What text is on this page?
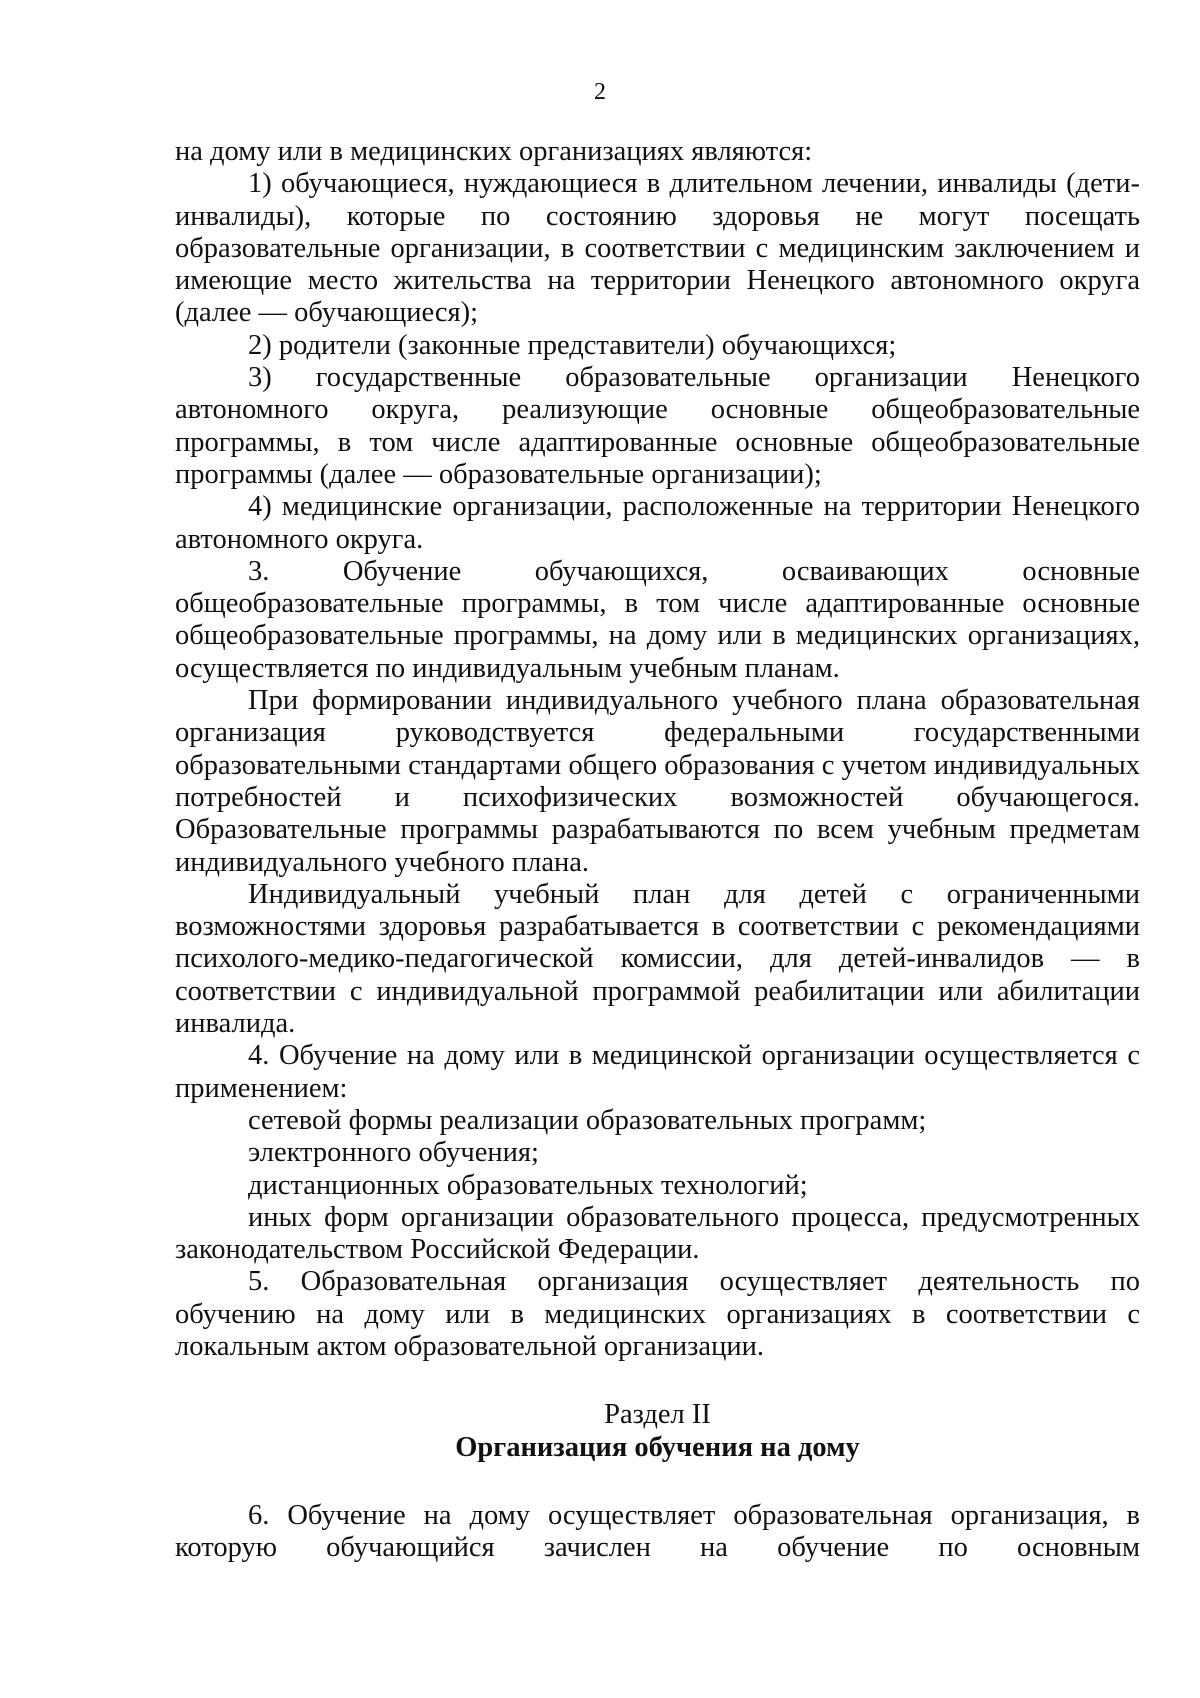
2

на дому или в медицинских организациях являются:

1) обучающиеся, нуждающиеся в длительном лечении, инвалиды (дети-инвалиды), которые по состоянию здоровья не могут посещать образовательные организации, в соответствии с медицинским заключением и имеющие место жительства на территории Ненецкого автономного округа (далее — обучающиеся);

2) родители (законные представители) обучающихся;

3) государственные образовательные организации Ненецкого автономного округа, реализующие основные общеобразовательные программы, в том числе адаптированные основные общеобразовательные программы (далее — образовательные организации);

4) медицинские организации, расположенные на территории Ненецкого автономного округа.

3. Обучение обучающихся, осваивающих основные общеобразовательные программы, в том числе адаптированные основные общеобразовательные программы, на дому или в медицинских организациях, осуществляется по индивидуальным учебным планам.

При формировании индивидуального учебного плана образовательная организация руководствуется федеральными государственными образовательными стандартами общего образования с учетом индивидуальных потребностей и психофизических возможностей обучающегося. Образовательные программы разрабатываются по всем учебным предметам индивидуального учебного плана.

Индивидуальный учебный план для детей с ограниченными возможностями здоровья разрабатывается в соответствии с рекомендациями психолого-медико-педагогической комиссии, для детей-инвалидов — в соответствии с индивидуальной программой реабилитации или абилитации инвалида.

4. Обучение на дому или в медицинской организации осуществляется с применением:

сетевой формы реализации образовательных программ;

электронного обучения;

дистанционных образовательных технологий;

иных форм организации образовательного процесса, предусмотренных законодательством Российской Федерации.

5. Образовательная организация осуществляет деятельность по обучению на дому или в медицинских организациях в соответствии с локальным актом образовательной организации.

Раздел II
Организация обучения на дому

6. Обучение на дому осуществляет образовательная организация, в которую обучающийся зачислен на обучение по основным
